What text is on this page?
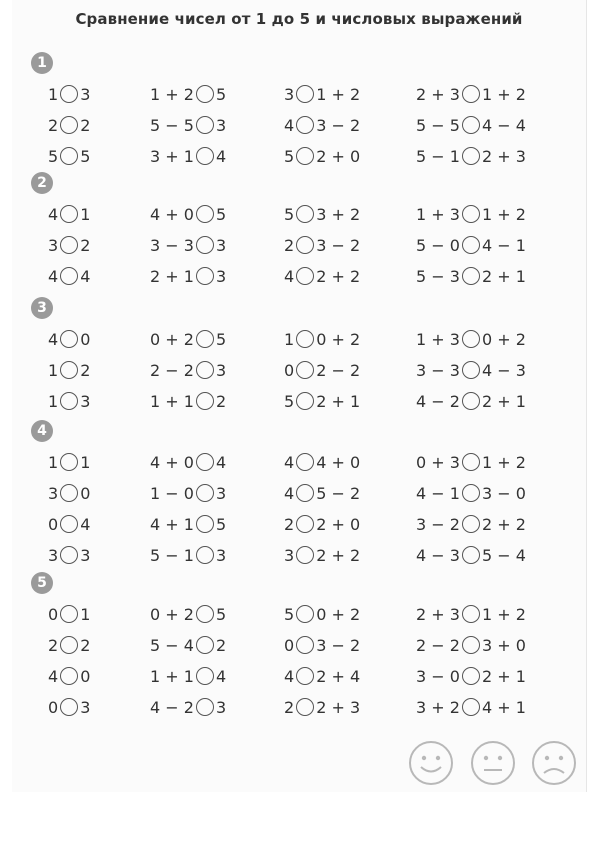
Сравнение чисел от 1 до 5 и числовых выражений
1
1 3	1 + 2 5	3 1 + 2	2 + 3 1 + 2
2 2	5 − 5 3	4 3 − 2	5 − 5 4 − 4
5 5	3 + 1 4	5 2 + 0	5 − 1 2 + 3
2
4 1	4 + 0 5	5 3 + 2	1 + 3 1 + 2
3 2	3 − 3 3	2 3 − 2	5 − 0 4 − 1
4 4	2 + 1 3	4 2 + 2	5 − 3 2 + 1
3
4 0	0 + 2 5	1 0 + 2	1 + 3 0 + 2
1 2	2 − 2 3	0 2 − 2	3 − 3 4 − 3
1 3	1 + 1 2	5 2 + 1	4 − 2 2 + 1
4
1 1	4 + 0 4	4 4 + 0	0 + 3 1 + 2
3 0	1 − 0 3	4 5 − 2	4 − 1 3 − 0
0 4	4 + 1 5	2 2 + 0	3 − 2 2 + 2
3 3	5 − 1 3	3 2 + 2	4 − 3 5 − 4
5
0 1	0 + 2 5	5 0 + 2	2 + 3 1 + 2
2 2	5 − 4 2	0 3 − 2	2 − 2 3 + 0
4 0	1 + 1 4	4 2 + 4	3 − 0 2 + 1
0 3	4 − 2 3	2 2 + 3	3 + 2 4 + 1
